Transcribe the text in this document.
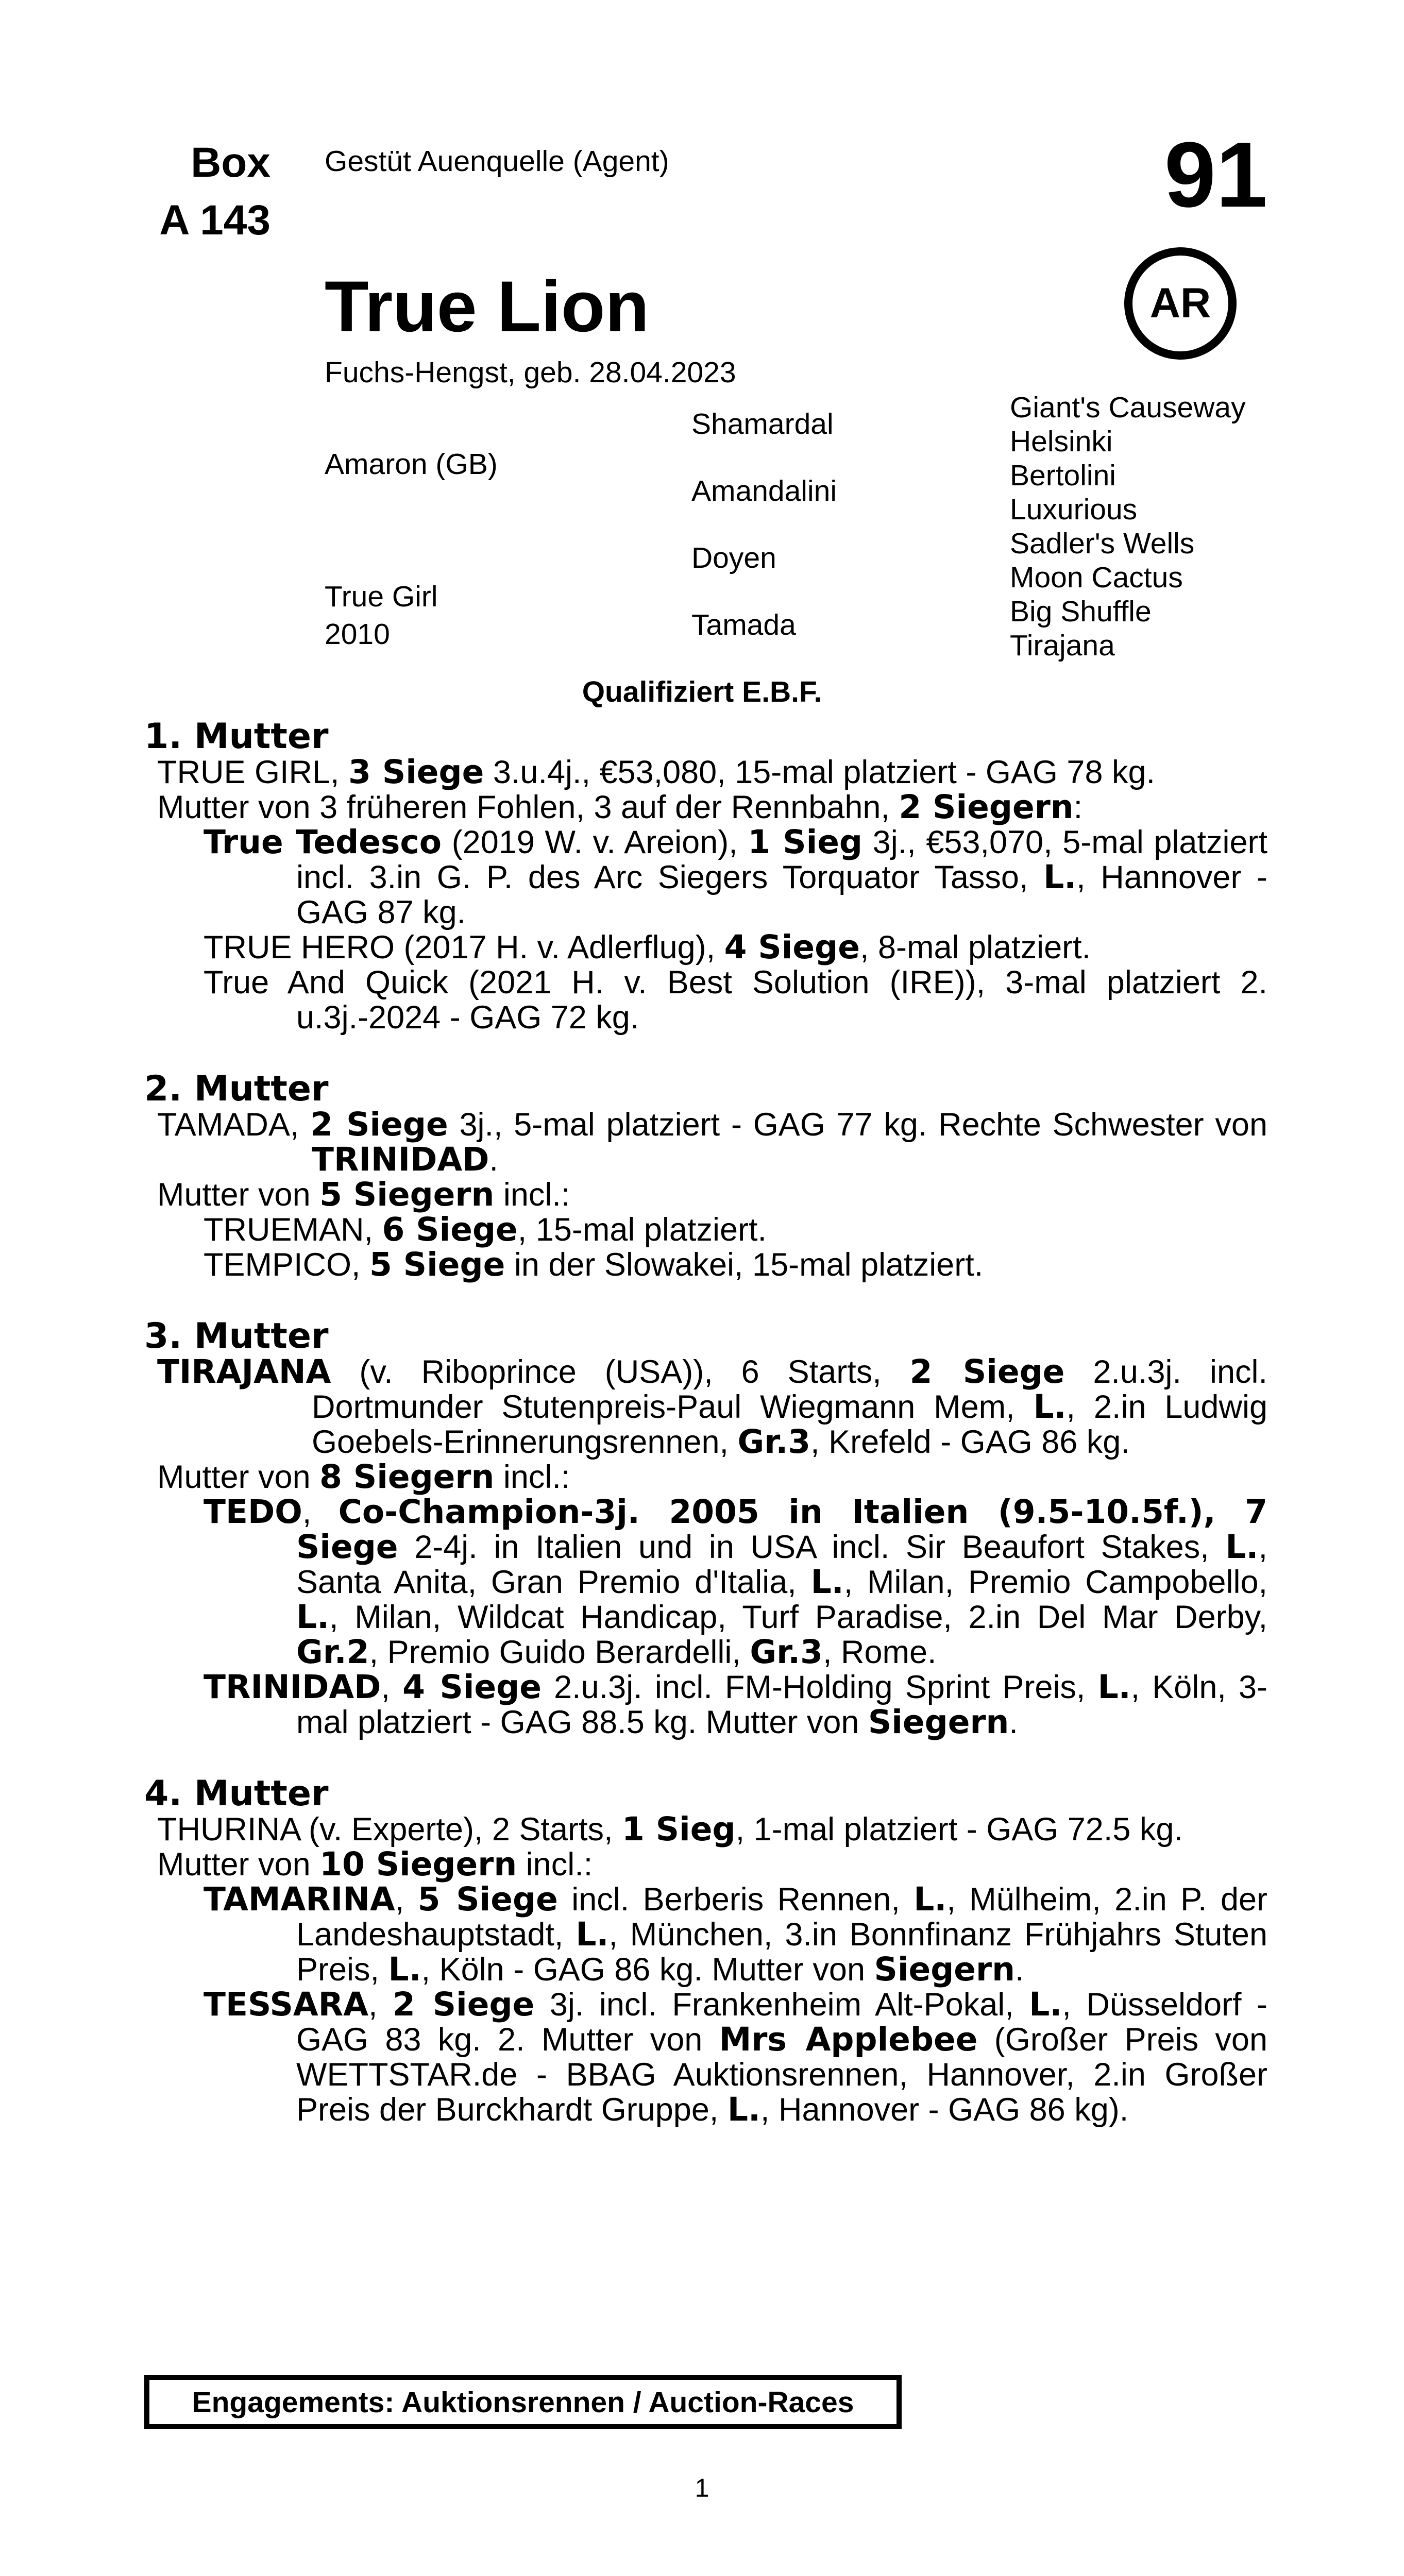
Box
A 143
Gestüt Auenquelle (Agent)	91
AR
True Lion
Fuchs-Hengst, geb. 28.04.2023
Amaron (GB)
True Girl
2010
Shamardal
Amandalini
Doyen
Tamada
Giant's Causeway
Helsinki
Bertolini
Luxurious
Sadler's Wells
Moon Cactus
Big Shuffle
Tirajana
Qualifiziert E.B.F.
1. Mutter

TRUE GIRL, 3 Siege 3.u.4j., €53,080, 15-mal platziert - GAG 78 kg.

Mutter von 3 früheren Fohlen, 3 auf der Rennbahn, 2 Siegern:

True Tedesco (2019 W. v. Areion), 1 Sieg 3j., €53,070, 5-mal platziert incl. 3.in G. P. des Arc Siegers Torquator Tasso, L., Hannover - GAG 87 kg.

TRUE HERO (2017 H. v. Adlerflug), 4 Siege, 8-mal platziert.

True And Quick (2021 H. v. Best Solution (IRE)), 3-mal platziert 2. u.3j.-2024 - GAG 72 kg.

2. Mutter

TAMADA, 2 Siege 3j., 5-mal platziert - GAG 77 kg. Rechte Schwester von TRINIDAD.

Mutter von 5 Siegern incl.:

TRUEMAN, 6 Siege, 15-mal platziert.

TEMPICO, 5 Siege in der Slowakei, 15-mal platziert.

3. Mutter

TIRAJANA (v. Riboprince (USA)), 6 Starts, 2 Siege 2.u.3j. incl. Dortmunder Stutenpreis-Paul Wiegmann Mem, L., 2.in Ludwig Goebels-Erinnerungsrennen, Gr.3, Krefeld - GAG 86 kg.

Mutter von 8 Siegern incl.:

TEDO, Co-Champion-3j. 2005 in Italien (9.5-10.5f.), 7 Siege 2-4j. in Italien und in USA incl. Sir Beaufort Stakes, L., Santa Anita, Gran Premio d'Italia, L., Milan, Premio Campobello, L., Milan, Wildcat Handicap, Turf Paradise, 2.in Del Mar Derby, Gr.2, Premio Guido Berardelli, Gr.3, Rome.

TRINIDAD, 4 Siege 2.u.3j. incl. FM-Holding Sprint Preis, L., Köln, 3-mal platziert - GAG 88.5 kg. Mutter von Siegern.

4. Mutter

THURINA (v. Experte), 2 Starts, 1 Sieg, 1-mal platziert - GAG 72.5 kg.

Mutter von 10 Siegern incl.:

TAMARINA, 5 Siege incl. Berberis Rennen, L., Mülheim, 2.in P. der Landeshauptstadt, L., München, 3.in Bonnfinanz Frühjahrs Stuten Preis, L., Köln - GAG 86 kg. Mutter von Siegern.

TESSARA, 2 Siege 3j. incl. Frankenheim Alt-Pokal, L., Düsseldorf - GAG 83 kg. 2. Mutter von Mrs Applebee (Großer Preis von WETTSTAR.de - BBAG Auktionsrennen, Hannover, 2.in Großer Preis der Burckhardt Gruppe, L., Hannover - GAG 86 kg).

Engagements: Auktionsrennen / Auction-Races
1
